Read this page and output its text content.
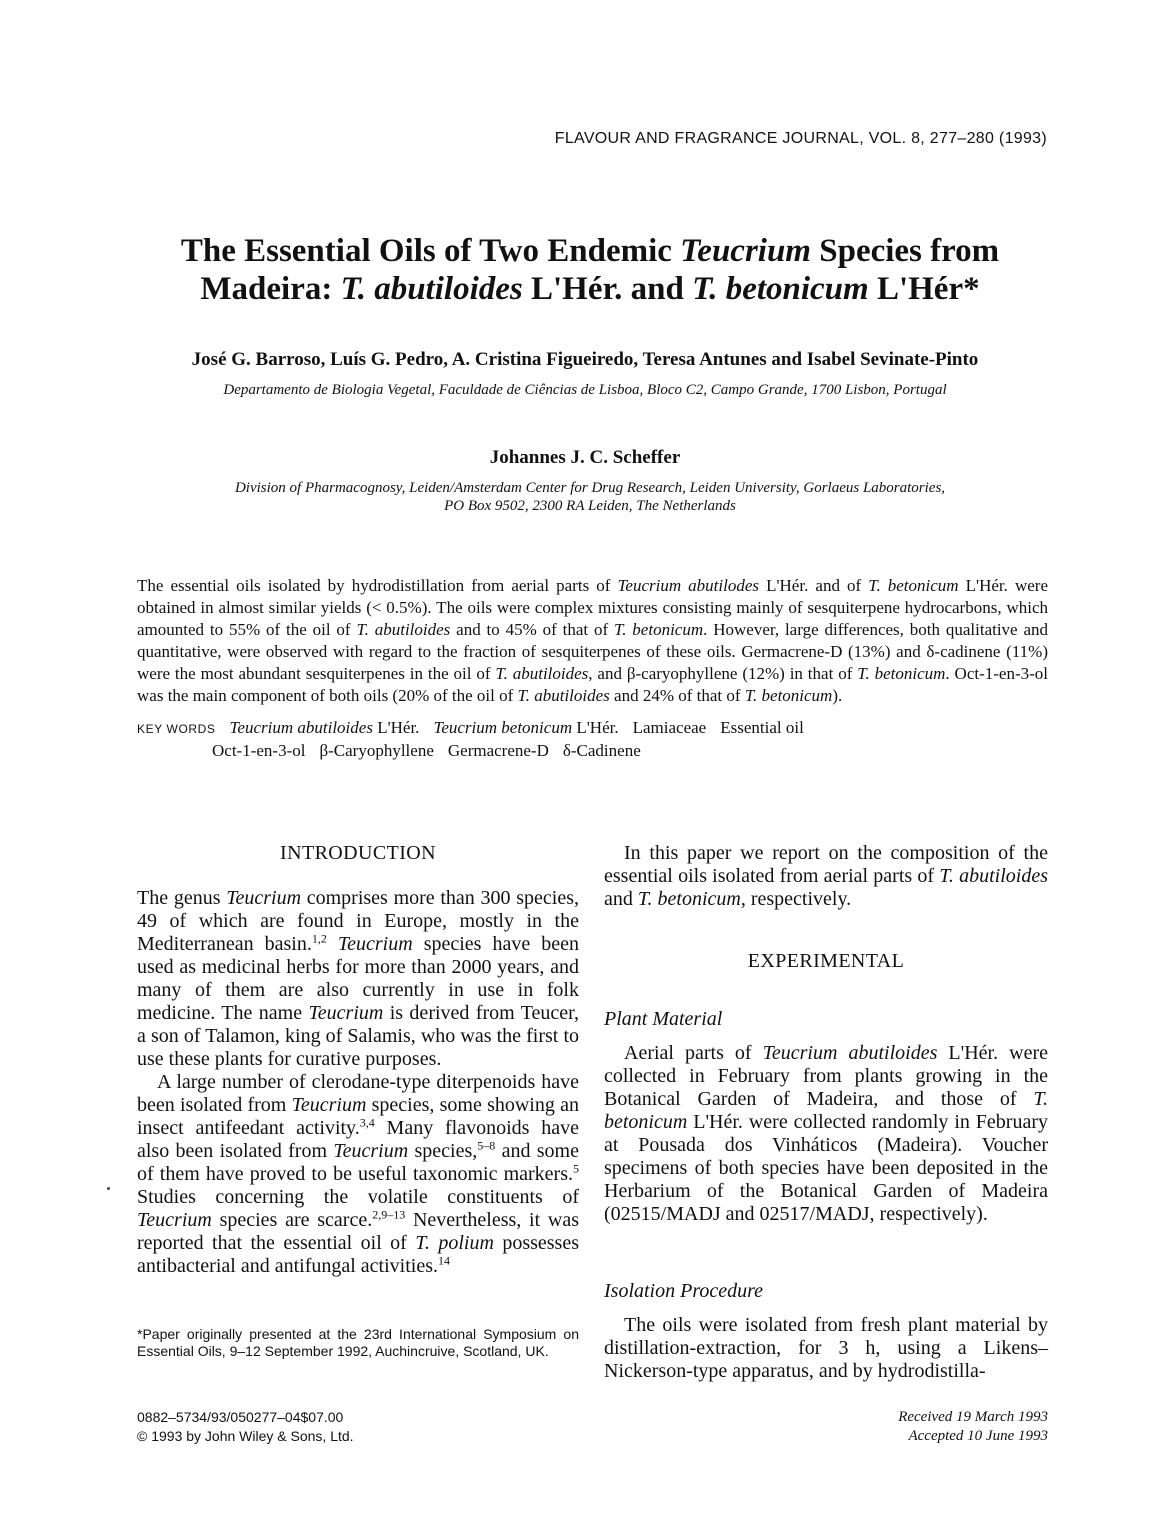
FLAVOUR AND FRAGRANCE JOURNAL, VOL. 8, 277–280 (1993)
The Essential Oils of Two Endemic Teucrium Species from
Madeira: T. abutiloides L'Hér. and T. betonicum L'Hér*
José G. Barroso, Luís G. Pedro, A. Cristina Figueiredo, Teresa Antunes and Isabel Sevinate-Pinto
Departamento de Biologia Vegetal, Faculdade de Ciências de Lisboa, Bloco C2, Campo Grande, 1700 Lisbon, Portugal
Johannes J. C. Scheffer
Division of Pharmacognosy, Leiden/Amsterdam Center for Drug Research, Leiden University, Gorlaeus Laboratories,
PO Box 9502, 2300 RA Leiden, The Netherlands
The essential oils isolated by hydrodistillation from aerial parts of Teucrium abutilodes L'Hér. and of T. betonicum L'Hér. were obtained in almost similar yields (< 0.5%). The oils were complex mixtures consisting mainly of sesquiterpene hydrocarbons, which amounted to 55% of the oil of T. abutiloides and to 45% of that of T. betonicum. However, large differences, both qualitative and quantitative, were observed with regard to the fraction of sesquiterpenes of these oils. Germacrene-D (13%) and δ-cadinene (11%) were the most abundant sesquiterpenes in the oil of T. abutiloides, and β-caryophyllene (12%) in that of T. betonicum. Oct-1-en-3-ol was the main component of both oils (20% of the oil of T. abutiloides and 24% of that of T. betonicum).
KEY WORDS Teucrium abutiloides L'Hér. Teucrium betonicum L'Hér. Lamiaceae Essential oil
Oct-1-en-3-ol β-Caryophyllene Germacrene-D δ-Cadinene
INTRODUCTION

The genus Teucrium comprises more than 300 species, 49 of which are found in Europe, mostly in the Mediterranean basin.$^{1,2}$ Teucrium species have been used as medicinal herbs for more than 2000 years, and many of them are also currently in use in folk medicine. The name Teucrium is derived from Teucer, a son of Talamon, king of Salamis, who was the first to use these plants for curative purposes.

A large number of clerodane-type diterpenoids have been isolated from Teucrium species, some showing an insect antifeedant activity.$^{3,4}$ Many flavonoids have also been isolated from Teucrium species,$^{5-8}$ and some of them have proved to be useful taxonomic markers.$^5$ Studies concerning the volatile constituents of Teucrium species are scarce.$^{2,9-13}$ Nevertheless, it was reported that the essential oil of T. polium possesses antibacterial and antifungal activities.$^{14}$

*Paper originally presented at the 23rd International Symposium on Essential Oils, 9–12 September 1992, Auchincruive, Scotland, UK.
0882–5734/93/050277–04$07.00
© 1993 by John Wiley & Sons, Ltd.
Received 19 March 1993
Accepted 10 June 1993

In this paper we report on the composition of the essential oils isolated from aerial parts of T. abutiloides and T. betonicum, respectively.

EXPERIMENTAL
Plant Material

Aerial parts of Teucrium abutiloides L'Hér. were collected in February from plants growing in the Botanical Garden of Madeira, and those of T. betonicum L'Hér. were collected randomly in February at Pousada dos Vinháticos (Madeira). Voucher specimens of both species have been deposited in the Herbarium of the Botanical Garden of Madeira (02515/MADJ and 02517/MADJ, respectively).

Isolation Procedure

The oils were isolated from fresh plant material by distillation-extraction, for 3 h, using a Likens–Nickerson-type apparatus, and by hydrodistilla-
